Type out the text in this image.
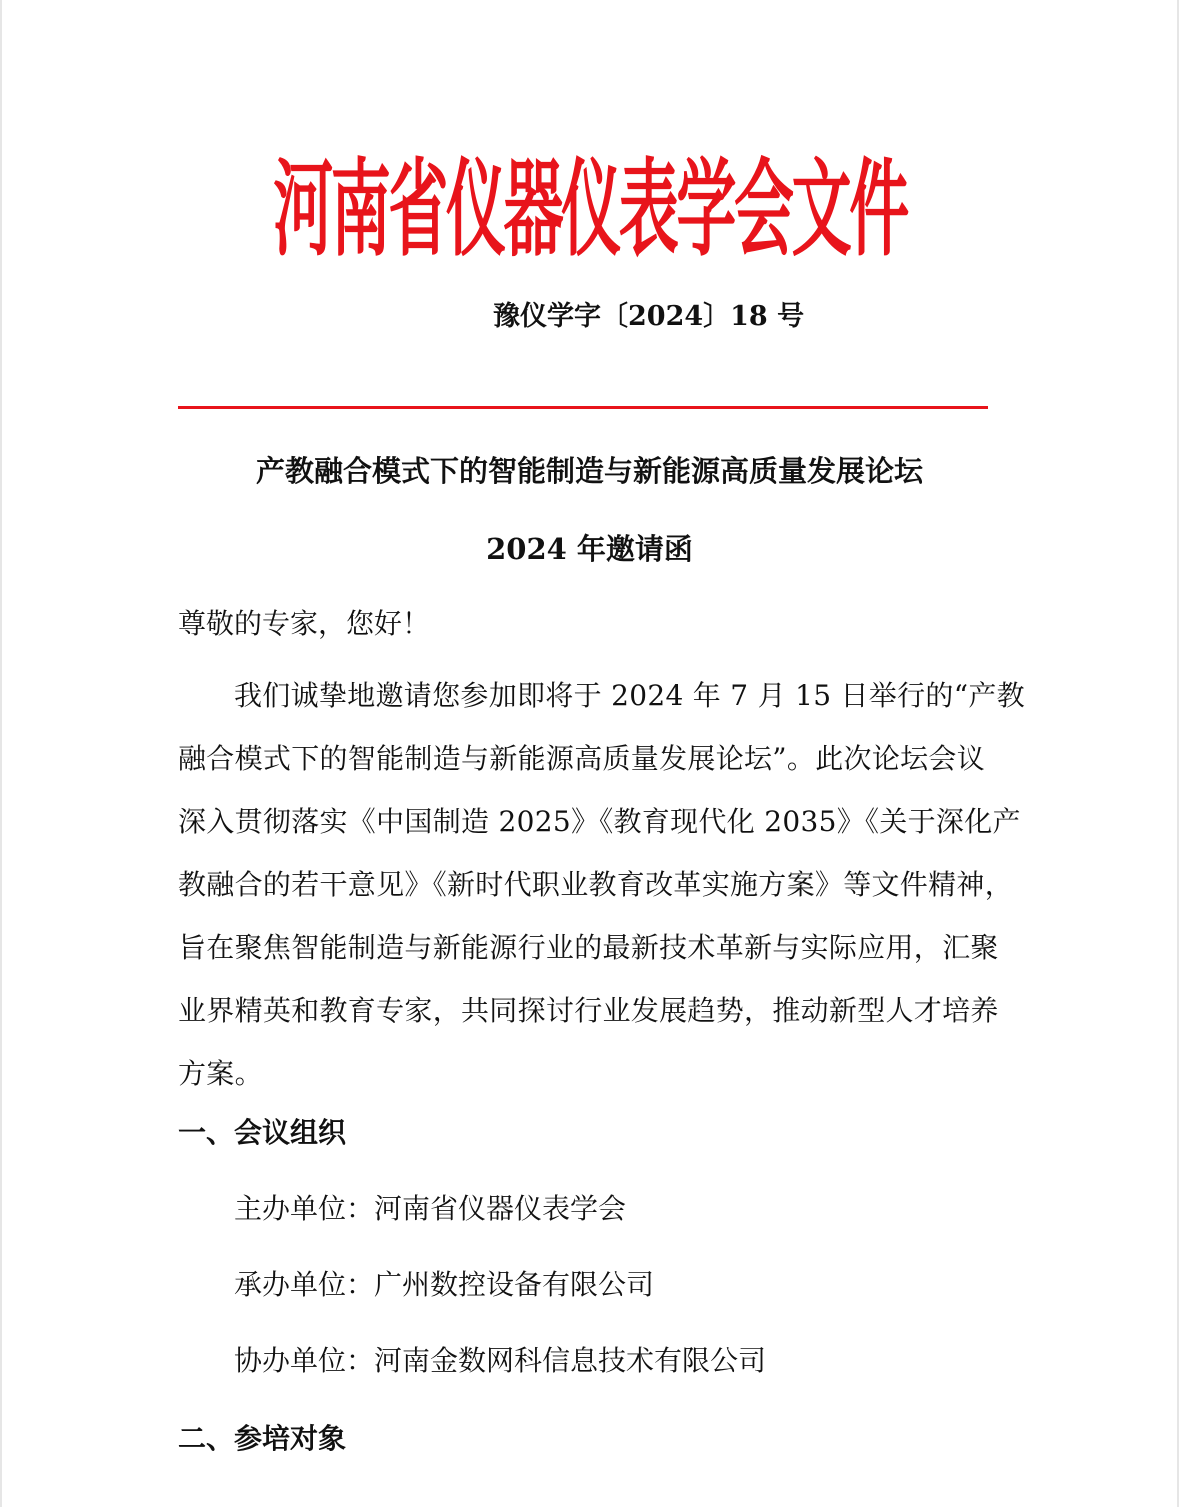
河南省仪器仪表学会文件
豫仪学字〔2024〕18 号
产教融合模式下的智能制造与新能源高质量发展论坛
2024 年邀请函
尊敬的专家，您好！
我们诚挚地邀请您参加即将于 2024 年 7 月 15 日举行的“产教
融合模式下的智能制造与新能源高质量发展论坛”。此次论坛会议
深入贯彻落实《中国制造 2025》《教育现代化 2035》《关于深化产
教融合的若干意见》《新时代职业教育改革实施方案》等文件精神，
旨在聚焦智能制造与新能源行业的最新技术革新与实际应用，汇聚
业界精英和教育专家，共同探讨行业发展趋势，推动新型人才培养
方案。
一、会议组织
主办单位：河南省仪器仪表学会
承办单位：广州数控设备有限公司
协办单位：河南金数网科信息技术有限公司
二、参培对象
